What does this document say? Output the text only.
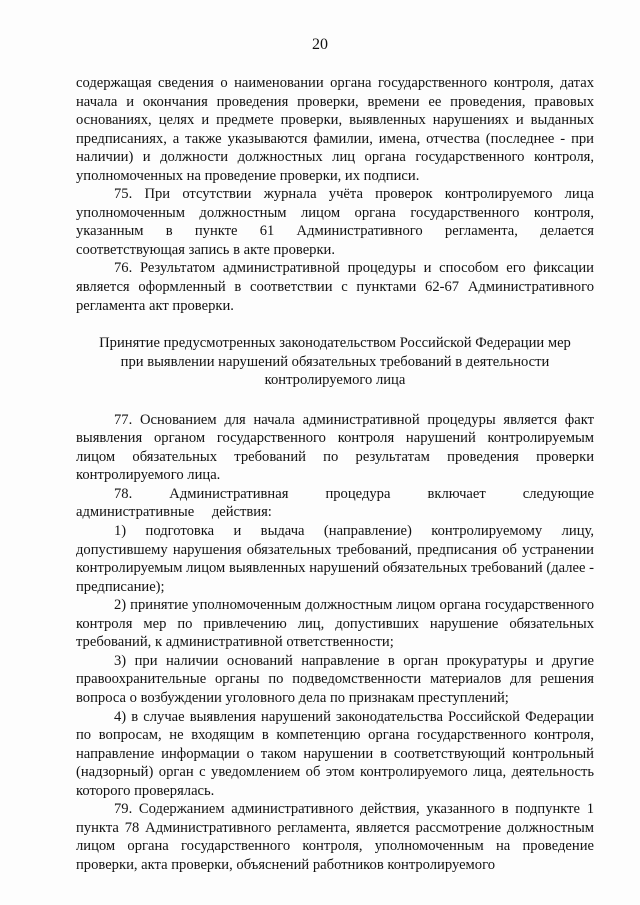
20

содержащая сведения о наименовании органа государственного контроля, датах начала и окончания проведения проверки, времени ее проведения, правовых основаниях, целях и предмете проверки, выявленных нарушениях и выданных предписаниях, а также указываются фамилии, имена, отчества (последнее - при наличии) и должности должностных лиц органа государственного контроля, уполномоченных на проведение проверки, их подписи.

75. При отсутствии журнала учёта проверок контролируемого лица уполномоченным должностным лицом органа государственного контроля, указанным в пункте 61 Административного регламента, делается соответствующая запись в акте проверки.

76. Результатом административной процедуры и способом его фиксации является оформленный в соответствии с пунктами 62-67 Административного регламента акт проверки.

Принятие предусмотренных законодательством Российской Федерации мер при выявлении нарушений обязательных требований в деятельности контролируемого лица

77. Основанием для начала административной процедуры является факт выявления органом государственного контроля нарушений контролируемым лицом обязательных требований по результатам проведения проверки контролируемого лица.

78. Административная процедура включает следующие административные действия:

1) подготовка и выдача (направление) контролируемому лицу, допустившему нарушения обязательных требований, предписания об устранении контролируемым лицом выявленных нарушений обязательных требований (далее - предписание);

2) принятие уполномоченным должностным лицом органа государственного контроля мер по привлечению лиц, допустивших нарушение обязательных требований, к административной ответственности;

3) при наличии оснований направление в орган прокуратуры и другие правоохранительные органы по подведомственности материалов для решения вопроса о возбуждении уголовного дела по признакам преступлений;

4) в случае выявления нарушений законодательства Российской Федерации по вопросам, не входящим в компетенцию органа государственного контроля, направление информации о таком нарушении в соответствующий контрольный (надзорный) орган с уведомлением об этом контролируемого лица, деятельность которого проверялась.

79. Содержанием административного действия, указанного в подпункте 1 пункта 78 Административного регламента, является рассмотрение должностным лицом органа государственного контроля, уполномоченным на проведение проверки, акта проверки, объяснений работников контролируемого
